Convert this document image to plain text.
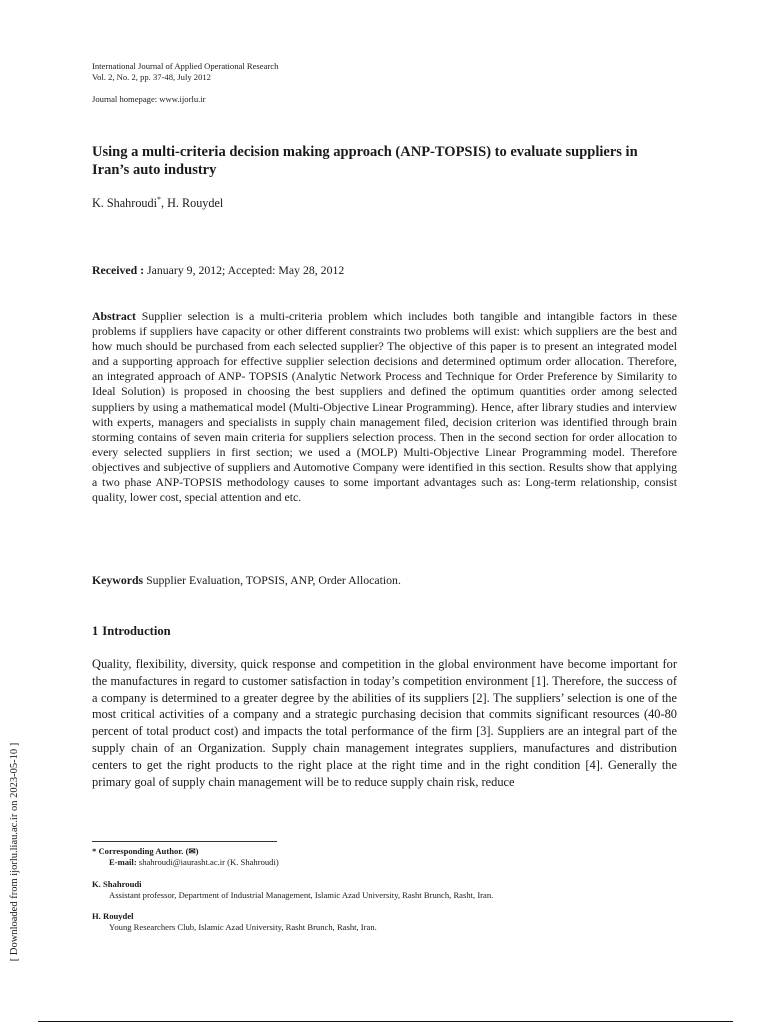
International Journal of Applied Operational Research
Vol. 2, No. 2, pp. 37-48, July 2012
Journal homepage: www.ijorlu.ir
Using a multi-criteria decision making approach (ANP-TOPSIS) to evaluate suppliers in Iran’s auto industry
K. Shahroudi*, H. Rouydel
Received : January 9, 2012; Accepted: May 28, 2012

Abstract Supplier selection is a multi-criteria problem which includes both tangible and intangible factors in these problems if suppliers have capacity or other different constraints two problems will exist: which suppliers are the best and how much should be purchased from each selected supplier? The objective of this paper is to present an integrated model and a supporting approach for effective supplier selection decisions and determined optimum order allocation. Therefore, an integrated approach of ANP- TOPSIS (Analytic Network Process and Technique for Order Preference by Similarity to Ideal Solution) is proposed in choosing the best suppliers and defined the optimum quantities order among selected suppliers by using a mathematical model (Multi-Objective Linear Programming). Hence, after library studies and interview with experts, managers and specialists in supply chain management filed, decision criterion was identified through brain storming contains of seven main criteria for suppliers selection process. Then in the second section for order allocation to every selected suppliers in first section; we used a (MOLP) Multi-Objective Linear Programming model. Therefore objectives and subjective of suppliers and Automotive Company were identified in this section. Results show that applying a two phase ANP-TOPSIS methodology causes to some important advantages such as: Long-term relationship, consist quality, lower cost, special attention and etc.

Keywords Supplier Evaluation, TOPSIS, ANP, Order Allocation.
1 Introduction

Quality, flexibility, diversity, quick response and competition in the global environment have become important for the manufactures in regard to customer satisfaction in today’s competition environment [1]. Therefore, the success of a company is determined to a greater degree by the abilities of its suppliers [2]. The suppliers’ selection is one of the most critical activities of a company and a strategic purchasing decision that commits significant resources (40-80 percent of total product cost) and impacts the total performance of the firm [3]. Suppliers are an integral part of the supply chain of an Organization. Supply chain management integrates suppliers, manufactures and distribution centers to get the right products to the right place at the right time and in the right condition [4]. Generally the primary goal of supply chain management will be to reduce supply chain risk, reduce

* Corresponding Author. (✉)
E-mail: shahroudi@iaurasht.ac.ir (K. Shahroudi)
K. Shahroudi
Assistant professor, Department of Industrial Management, Islamic Azad University, Rasht Brunch, Rasht, Iran.
H. Rouydel
Young Researchers Club, Islamic Azad University, Rasht Brunch, Rasht, Iran.
[ Downloaded from ijorlu.liau.ac.ir on 2023-05-10 ]
